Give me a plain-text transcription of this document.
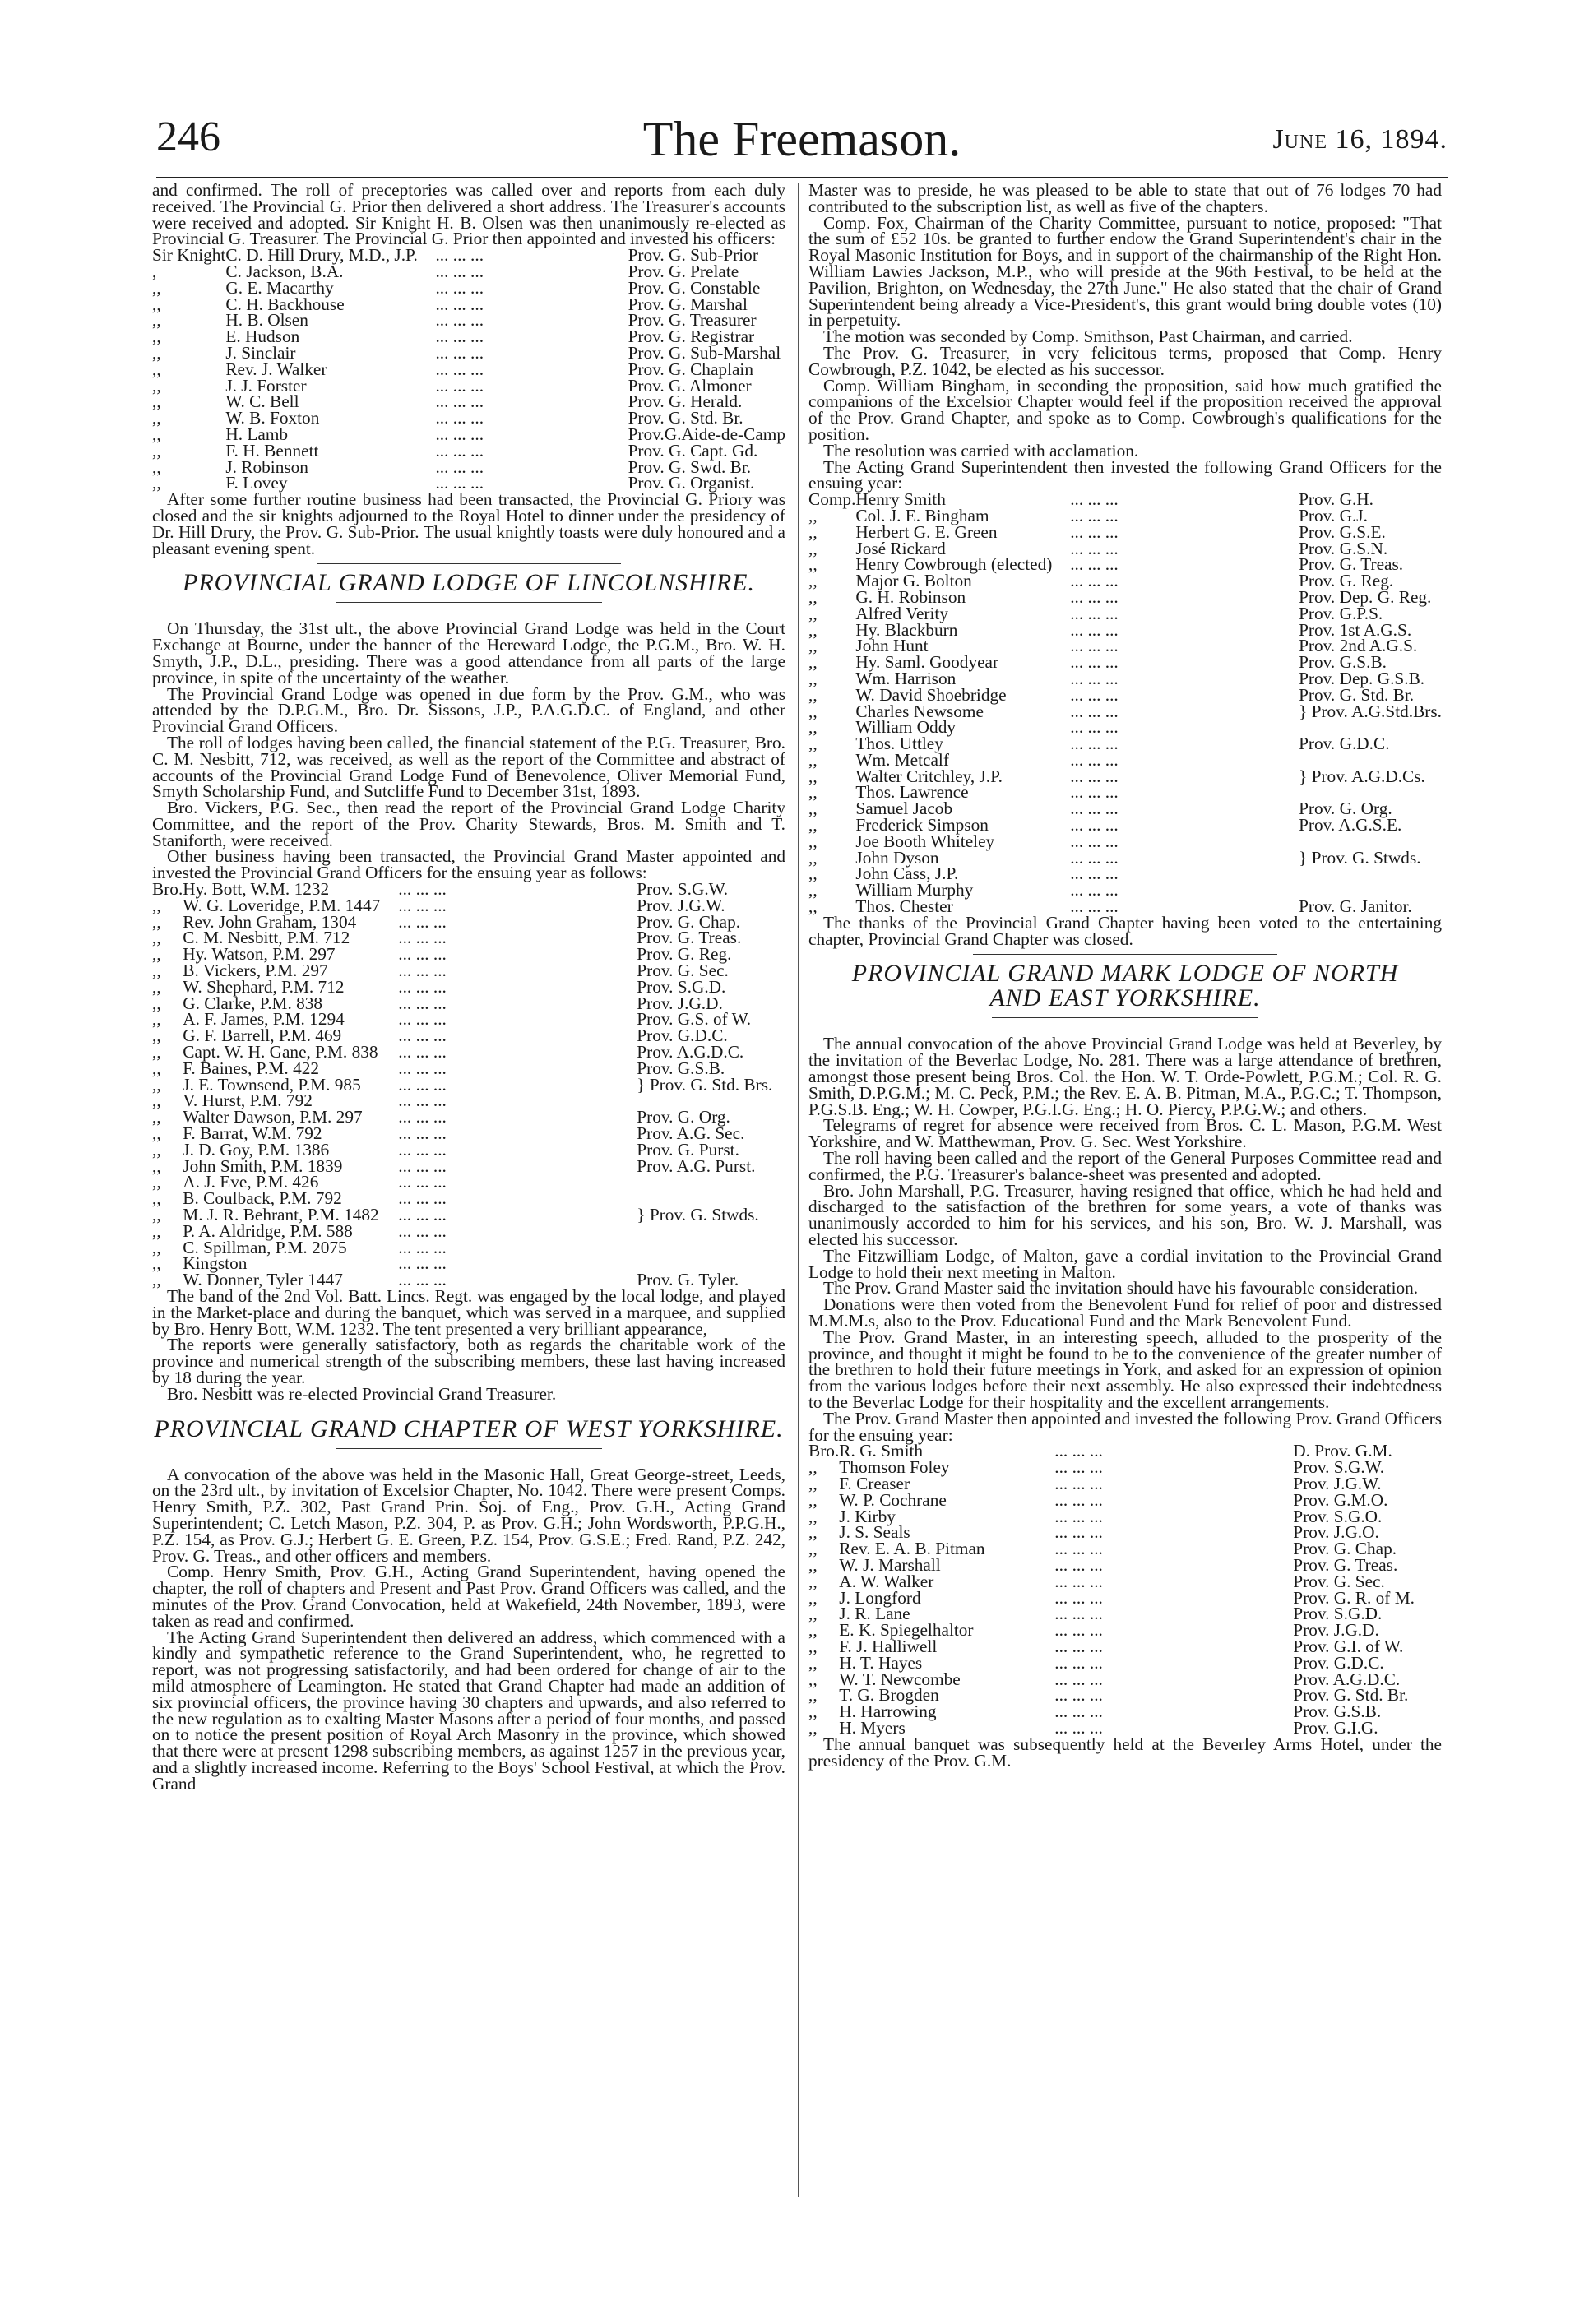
246	The Freemason.	June 16, 1894.

and confirmed. The roll of preceptories was called over and reports from each duly received. The Provincial G. Prior then delivered a short address. The Treasurer's accounts were received and adopted. Sir Knight H. B. Olsen was then unanimously re-elected as Provincial G. Treasurer. The Provincial G. Prior then appointed and invested his officers:

Sir Knight	C. D. Hill Drury, M.D., J.P.	... ... ...	Prov. G. Sub-Prior
,	C. Jackson, B.A.	... ... ...	Prov. G. Prelate
,,	G. E. Macarthy	... ... ...	Prov. G. Constable
,,	C. H. Backhouse	... ... ...	Prov. G. Marshal
,,	H. B. Olsen	... ... ...	Prov. G. Treasurer
,,	E. Hudson	... ... ...	Prov. G. Registrar
,,	J. Sinclair	... ... ...	Prov. G. Sub-Marshal
,,	Rev. J. Walker	... ... ...	Prov. G. Chaplain
,,	J. J. Forster	... ... ...	Prov. G. Almoner
,,	W. C. Bell	... ... ...	Prov. G. Herald.
,,	W. B. Foxton	... ... ...	Prov. G. Std. Br.
,,	H. Lamb	... ... ...	Prov.G.Aide-de-Camp
,,	F. H. Bennett	... ... ...	Prov. G. Capt. Gd.
,,	J. Robinson	... ... ...	Prov. G. Swd. Br.
,,	F. Lovey	... ... ...	Prov. G. Organist.

After some further routine business had been transacted, the Provincial G. Priory was closed and the sir knights adjourned to the Royal Hotel to dinner under the presidency of Dr. Hill Drury, the Prov. G. Sub-Prior. The usual knightly toasts were duly honoured and a pleasant evening spent.

PROVINCIAL GRAND LODGE OF LINCOLNSHIRE.

On Thursday, the 31st ult., the above Provincial Grand Lodge was held in the Court Exchange at Bourne, under the banner of the Hereward Lodge, the P.G.M., Bro. W. H. Smyth, J.P., D.L., presiding. There was a good attendance from all parts of the large province, in spite of the uncertainty of the weather.

The Provincial Grand Lodge was opened in due form by the Prov. G.M., who was attended by the D.P.G.M., Bro. Dr. Sissons, J.P., P.A.G.D.C. of England, and other Provincial Grand Officers.

The roll of lodges having been called, the financial statement of the P.G. Treasurer, Bro. C. M. Nesbitt, 712, was received, as well as the report of the Committee and abstract of accounts of the Provincial Grand Lodge Fund of Benevolence, Oliver Memorial Fund, Smyth Scholarship Fund, and Sutcliffe Fund to December 31st, 1893.

Bro. Vickers, P.G. Sec., then read the report of the Provincial Grand Lodge Charity Committee, and the report of the Prov. Charity Stewards, Bros. M. Smith and T. Staniforth, were received.

Other business having been transacted, the Provincial Grand Master appointed and invested the Provincial Grand Officers for the ensuing year as follows:

Bro.	Hy. Bott, W.M. 1232	... ... ...	Prov. S.G.W.
,,	W. G. Loveridge, P.M. 1447	... ... ...	Prov. J.G.W.
,,	Rev. John Graham, 1304	... ... ...	Prov. G. Chap.
,,	C. M. Nesbitt, P.M. 712	... ... ...	Prov. G. Treas.
,,	Hy. Watson, P.M. 297	... ... ...	Prov. G. Reg.
,,	B. Vickers, P.M. 297	... ... ...	Prov. G. Sec.
,,	W. Shephard, P.M. 712	... ... ...	Prov. S.G.D.
,,	G. Clarke, P.M. 838	... ... ...	Prov. J.G.D.
,,	A. F. James, P.M. 1294	... ... ...	Prov. G.S. of W.
,,	G. F. Barrell, P.M. 469	... ... ...	Prov. G.D.C.
,,	Capt. W. H. Gane, P.M. 838	... ... ...	Prov. A.G.D.C.
,,	F. Baines, P.M. 422	... ... ...	Prov. G.S.B.
,,	J. E. Townsend, P.M. 985	... ... ...	} Prov. G. Std. Brs.
,,	V. Hurst, P.M. 792	... ... ...	
,,	Walter Dawson, P.M. 297	... ... ...	Prov. G. Org.
,,	F. Barrat, W.M. 792	... ... ...	Prov. A.G. Sec.
,,	J. D. Goy, P.M. 1386	... ... ...	Prov. G. Purst.
,,	John Smith, P.M. 1839	... ... ...	Prov. A.G. Purst.
,,	A. J. Eve, P.M. 426	... ... ...	
,,	B. Coulback, P.M. 792	... ... ...	
,,	M. J. R. Behrant, P.M. 1482	... ... ...	} Prov. G. Stwds.
,,	P. A. Aldridge, P.M. 588	... ... ...	
,,	C. Spillman, P.M. 2075	... ... ...	
,,	Kingston	... ... ...	
,,	W. Donner, Tyler 1447	... ... ...	Prov. G. Tyler.

The band of the 2nd Vol. Batt. Lincs. Regt. was engaged by the local lodge, and played in the Market-place and during the banquet, which was served in a marquee, and supplied by Bro. Henry Bott, W.M. 1232. The tent presented a very brilliant appearance,

The reports were generally satisfactory, both as regards the charitable work of the province and numerical strength of the subscribing members, these last having increased by 18 during the year.

Bro. Nesbitt was re-elected Provincial Grand Treasurer.

PROVINCIAL GRAND CHAPTER OF WEST YORKSHIRE.

A convocation of the above was held in the Masonic Hall, Great George-street, Leeds, on the 23rd ult., by invitation of Excelsior Chapter, No. 1042. There were present Comps. Henry Smith, P.Z. 302, Past Grand Prin. Soj. of Eng., Prov. G.H., Acting Grand Superintendent; C. Letch Mason, P.Z. 304, P. as Prov. G.H.; John Wordsworth, P.P.G.H., P.Z. 154, as Prov. G.J.; Herbert G. E. Green, P.Z. 154, Prov. G.S.E.; Fred. Rand, P.Z. 242, Prov. G. Treas., and other officers and members.

Comp. Henry Smith, Prov. G.H., Acting Grand Superintendent, having opened the chapter, the roll of chapters and Present and Past Prov. Grand Officers was called, and the minutes of the Prov. Grand Convocation, held at Wakefield, 24th November, 1893, were taken as read and confirmed.

The Acting Grand Superintendent then delivered an address, which commenced with a kindly and sympathetic reference to the Grand Superintendent, who, he regretted to report, was not progressing satisfactorily, and had been ordered for change of air to the mild atmosphere of Leamington. He stated that Grand Chapter had made an addition of six provincial officers, the province having 30 chapters and upwards, and also referred to the new regulation as to exalting Master Masons after a period of four months, and passed on to notice the present position of Royal Arch Masonry in the province, which showed that there were at present 1298 subscribing members, as against 1257 in the previous year, and a slightly increased income. Referring to the Boys' School Festival, at which the Prov. Grand

Master was to preside, he was pleased to be able to state that out of 76 lodges 70 had contributed to the subscription list, as well as five of the chapters.

Comp. Fox, Chairman of the Charity Committee, pursuant to notice, proposed: "That the sum of £52 10s. be granted to further endow the Grand Superintendent's chair in the Royal Masonic Institution for Boys, and in support of the chairmanship of the Right Hon. William Lawies Jackson, M.P., who will preside at the 96th Festival, to be held at the Pavilion, Brighton, on Wednesday, the 27th June." He also stated that the chair of Grand Superintendent being already a Vice-President's, this grant would bring double votes (10) in perpetuity.

The motion was seconded by Comp. Smithson, Past Chairman, and carried.

The Prov. G. Treasurer, in very felicitous terms, proposed that Comp. Henry Cowbrough, P.Z. 1042, be elected as his successor.

Comp. William Bingham, in seconding the proposition, said how much gratified the companions of the Excelsior Chapter would feel if the proposition received the approval of the Prov. Grand Chapter, and spoke as to Comp. Cowbrough's qualifications for the position.

The resolution was carried with acclamation.

The Acting Grand Superintendent then invested the following Grand Officers for the ensuing year:

Comp.	Henry Smith	... ... ...	Prov. G.H.
,,	Col. J. E. Bingham	... ... ...	Prov. G.J.
,,	Herbert G. E. Green	... ... ...	Prov. G.S.E.
,,	José Rickard	... ... ...	Prov. G.S.N.
,,	Henry Cowbrough (elected)	... ... ...	Prov. G. Treas.
,,	Major G. Bolton	... ... ...	Prov. G. Reg.
,,	G. H. Robinson	... ... ...	Prov. Dep. G. Reg.
,,	Alfred Verity	... ... ...	Prov. G.P.S.
,,	Hy. Blackburn	... ... ...	Prov. 1st A.G.S.
,,	John Hunt	... ... ...	Prov. 2nd A.G.S.
,,	Hy. Saml. Goodyear	... ... ...	Prov. G.S.B.
,,	Wm. Harrison	... ... ...	Prov. Dep. G.S.B.
,,	W. David Shoebridge	... ... ...	Prov. G. Std. Br.
,,	Charles Newsome	... ... ...	} Prov. A.G.Std.Brs.
,,	William Oddy	... ... ...	
,,	Thos. Uttley	... ... ...	Prov. G.D.C.
,,	Wm. Metcalf	... ... ...	
,,	Walter Critchley, J.P.	... ... ...	} Prov. A.G.D.Cs.
,,	Thos. Lawrence	... ... ...	
,,	Samuel Jacob	... ... ...	Prov. G. Org.
,,	Frederick Simpson	... ... ...	Prov. A.G.S.E.
,,	Joe Booth Whiteley	... ... ...	
,,	John Dyson	... ... ...	} Prov. G. Stwds.
,,	John Cass, J.P.	... ... ...	
,,	William Murphy	... ... ...	
,,	Thos. Chester	... ... ...	Prov. G. Janitor.

The thanks of the Provincial Grand Chapter having been voted to the entertaining chapter, Provincial Grand Chapter was closed.

PROVINCIAL GRAND MARK LODGE OF NORTH
AND EAST YORKSHIRE.

The annual convocation of the above Provincial Grand Lodge was held at Beverley, by the invitation of the Beverlac Lodge, No. 281. There was a large attendance of brethren, amongst those present being Bros. Col. the Hon. W. T. Orde-Powlett, P.G.M.; Col. R. G. Smith, D.P.G.M.; M. C. Peck, P.M.; the Rev. E. A. B. Pitman, M.A., P.G.C.; T. Thompson, P.G.S.B. Eng.; W. H. Cowper, P.G.I.G. Eng.; H. O. Piercy, P.P.G.W.; and others.

Telegrams of regret for absence were received from Bros. C. L. Mason, P.G.M. West Yorkshire, and W. Matthewman, Prov. G. Sec. West Yorkshire.

The roll having been called and the report of the General Purposes Committee read and confirmed, the P.G. Treasurer's balance-sheet was presented and adopted.

Bro. John Marshall, P.G. Treasurer, having resigned that office, which he had held and discharged to the satisfaction of the brethren for some years, a vote of thanks was unanimously accorded to him for his services, and his son, Bro. W. J. Marshall, was elected his successor.

The Fitzwilliam Lodge, of Malton, gave a cordial invitation to the Provincial Grand Lodge to hold their next meeting in Malton.

The Prov. Grand Master said the invitation should have his favourable consideration.

Donations were then voted from the Benevolent Fund for relief of poor and distressed M.M.M.s, also to the Prov. Educational Fund and the Mark Benevolent Fund.

The Prov. Grand Master, in an interesting speech, alluded to the prosperity of the province, and thought it might be found to be to the convenience of the greater number of the brethren to hold their future meetings in York, and asked for an expression of opinion from the various lodges before their next assembly. He also expressed their indebtedness to the Beverlac Lodge for their hospitality and the excellent arrangements.

The Prov. Grand Master then appointed and invested the following Prov. Grand Officers for the ensuing year:

Bro.	R. G. Smith	... ... ...	D. Prov. G.M.
,,	Thomson Foley	... ... ...	Prov. S.G.W.
,,	F. Creaser	... ... ...	Prov. J.G.W.
,,	W. P. Cochrane	... ... ...	Prov. G.M.O.
,,	J. Kirby	... ... ...	Prov. S.G.O.
,,	J. S. Seals	... ... ...	Prov. J.G.O.
,,	Rev. E. A. B. Pitman	... ... ...	Prov. G. Chap.
,,	W. J. Marshall	... ... ...	Prov. G. Treas.
,,	A. W. Walker	... ... ...	Prov. G. Sec.
,,	J. Longford	... ... ...	Prov. G. R. of M.
,,	J. R. Lane	... ... ...	Prov. S.G.D.
,,	E. K. Spiegelhaltor	... ... ...	Prov. J.G.D.
,,	F. J. Halliwell	... ... ...	Prov. G.I. of W.
,,	H. T. Hayes	... ... ...	Prov. G.D.C.
,,	W. T. Newcombe	... ... ...	Prov. A.G.D.C.
,,	T. G. Brogden	... ... ...	Prov. G. Std. Br.
,,	H. Harrowing	... ... ...	Prov. G.S.B.
,,	H. Myers	... ... ...	Prov. G.I.G.

The annual banquet was subsequently held at the Beverley Arms Hotel, under the presidency of the Prov. G.M.
